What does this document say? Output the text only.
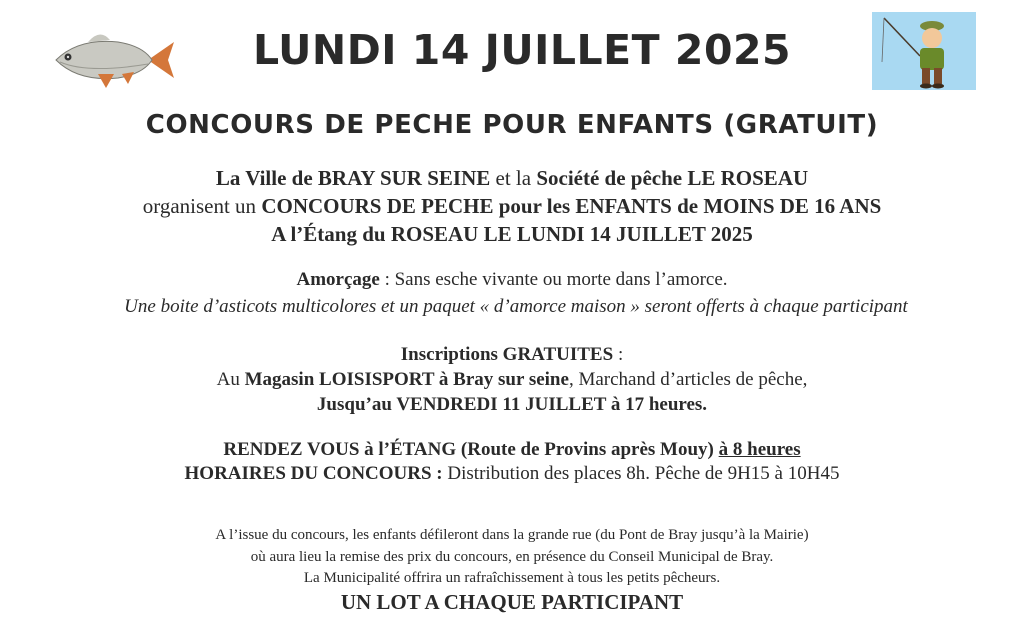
LUNDI 14 JUILLET 2025
CONCOURS DE PECHE POUR ENFANTS (GRATUIT)
La Ville de BRAY SUR SEINE et la Société de pêche LE ROSEAU
organisent un CONCOURS DE PECHE pour les ENFANTS de MOINS DE 16 ANS
A l’Étang du ROSEAU LE LUNDI 14 JUILLET 2025
Amorçage : Sans esche vivante ou morte dans l’amorce.
Une boite d’asticots multicolores et un paquet « d’amorce maison » seront offerts à chaque participant
Inscriptions GRATUITES :
Au Magasin LOISISPORT à Bray sur seine, Marchand d’articles de pêche,
Jusqu’au VENDREDI 11 JUILLET à 17 heures.
RENDEZ VOUS à l’ÉTANG (Route de Provins après Mouy) à 8 heures
HORAIRES DU CONCOURS : Distribution des places 8h. Pêche de 9H15 à 10H45
A l’issue du concours, les enfants défileront dans la grande rue (du Pont de Bray jusqu’à la Mairie)
où aura lieu la remise des prix du concours, en présence du Conseil Municipal de Bray.
La Municipalité offrira un rafraîchissement à tous les petits pêcheurs.
UN LOT A CHAQUE PARTICIPANT
